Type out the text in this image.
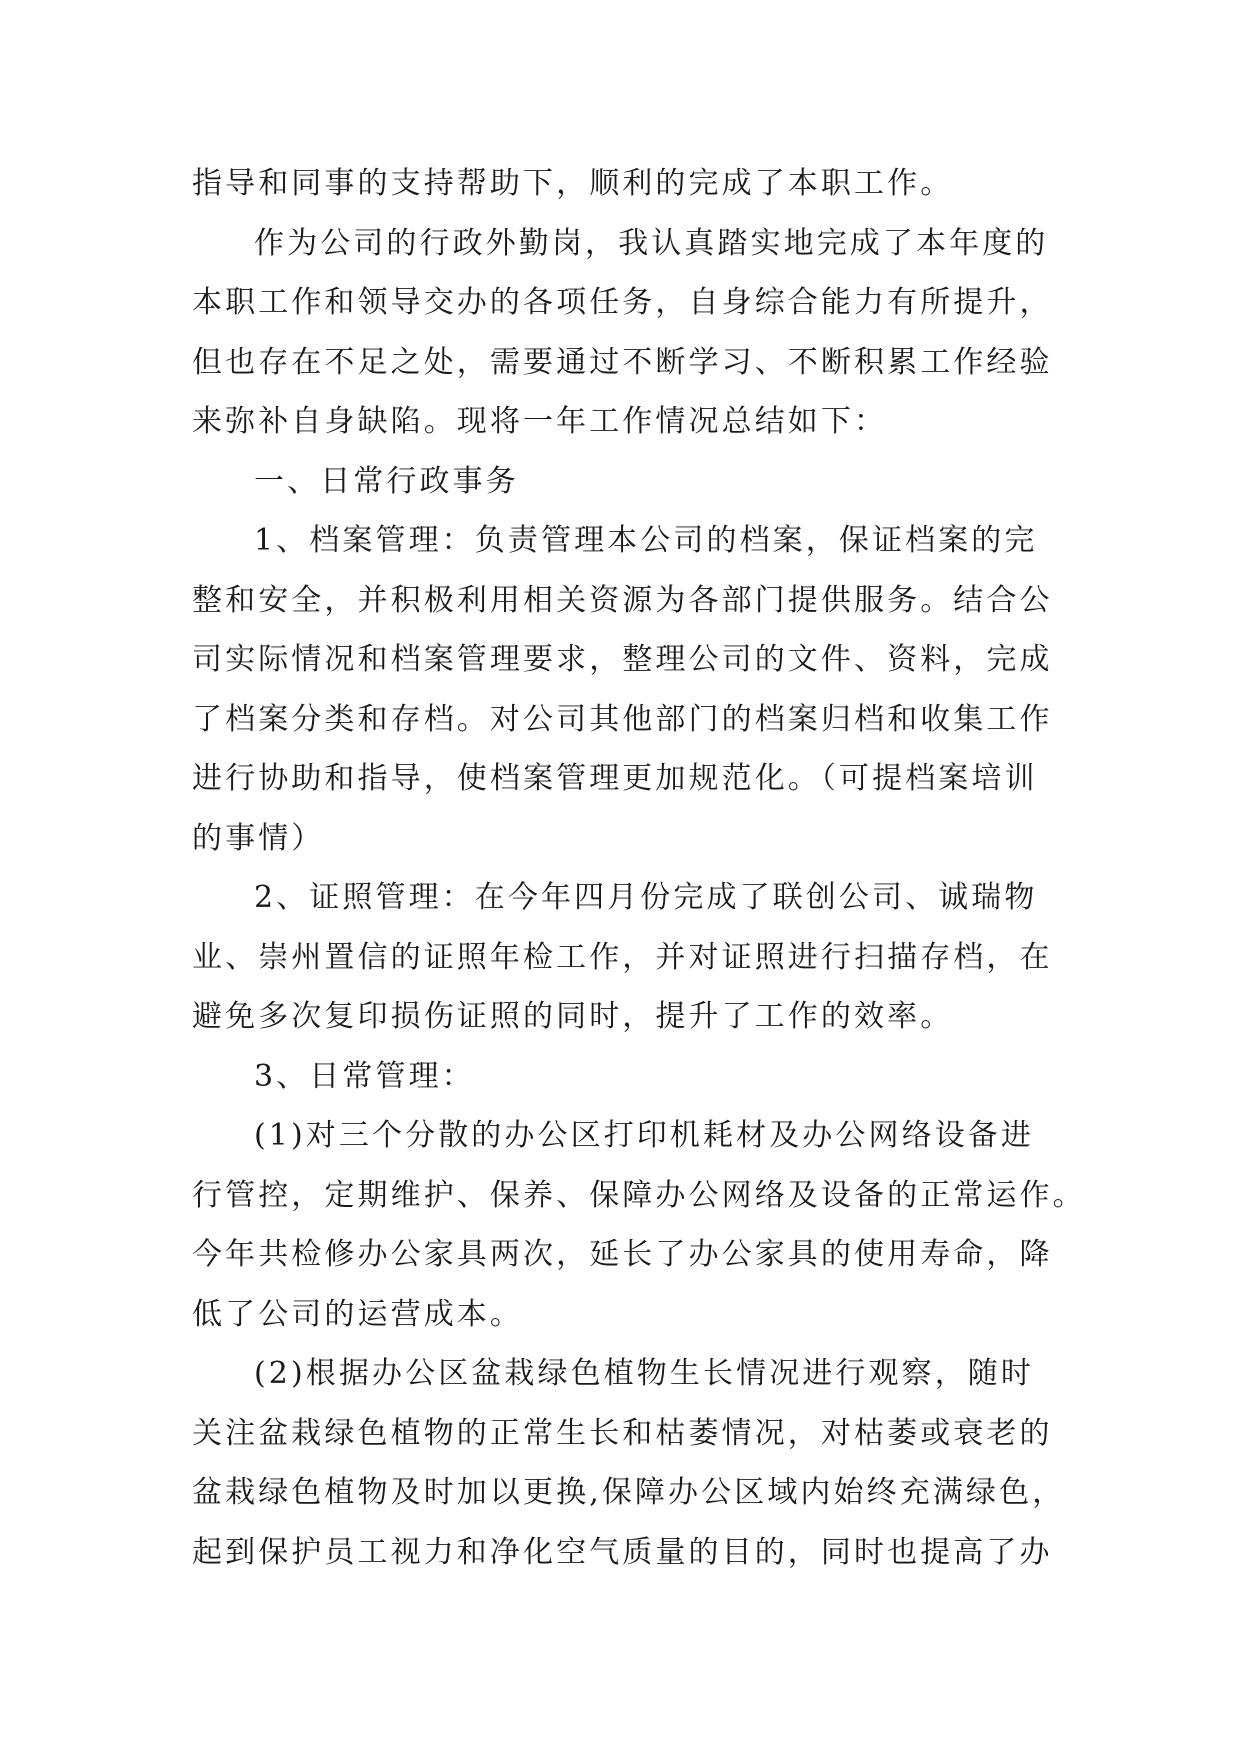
指导和同事的支持帮助下，顺利的完成了本职工作。
作为公司的行政外勤岗，我认真踏实地完成了本年度的
本职工作和领导交办的各项任务，自身综合能力有所提升，
但也存在不足之处，需要通过不断学习、不断积累工作经验
来弥补自身缺陷。现将一年工作情况总结如下：
一、日常行政事务
1、档案管理：负责管理本公司的档案，保证档案的完
整和安全，并积极利用相关资源为各部门提供服务。结合公
司实际情况和档案管理要求，整理公司的文件、资料，完成
了档案分类和存档。对公司其他部门的档案归档和收集工作
进行协助和指导，使档案管理更加规范化。（可提档案培训
的事情）
2、证照管理：在今年四月份完成了联创公司、诚瑞物
业、崇州置信的证照年检工作，并对证照进行扫描存档，在
避免多次复印损伤证照的同时，提升了工作的效率。
3、日常管理：
(1)对三个分散的办公区打印机耗材及办公网络设备进
行管控，定期维护、保养、保障办公网络及设备的正常运作。
今年共检修办公家具两次，延长了办公家具的使用寿命，降
低了公司的运营成本。
(2)根据办公区盆栽绿色植物生长情况进行观察，随时
关注盆栽绿色植物的正常生长和枯萎情况，对枯萎或衰老的
盆栽绿色植物及时加以更换,保障办公区域内始终充满绿色，
起到保护员工视力和净化空气质量的目的，同时也提高了办
